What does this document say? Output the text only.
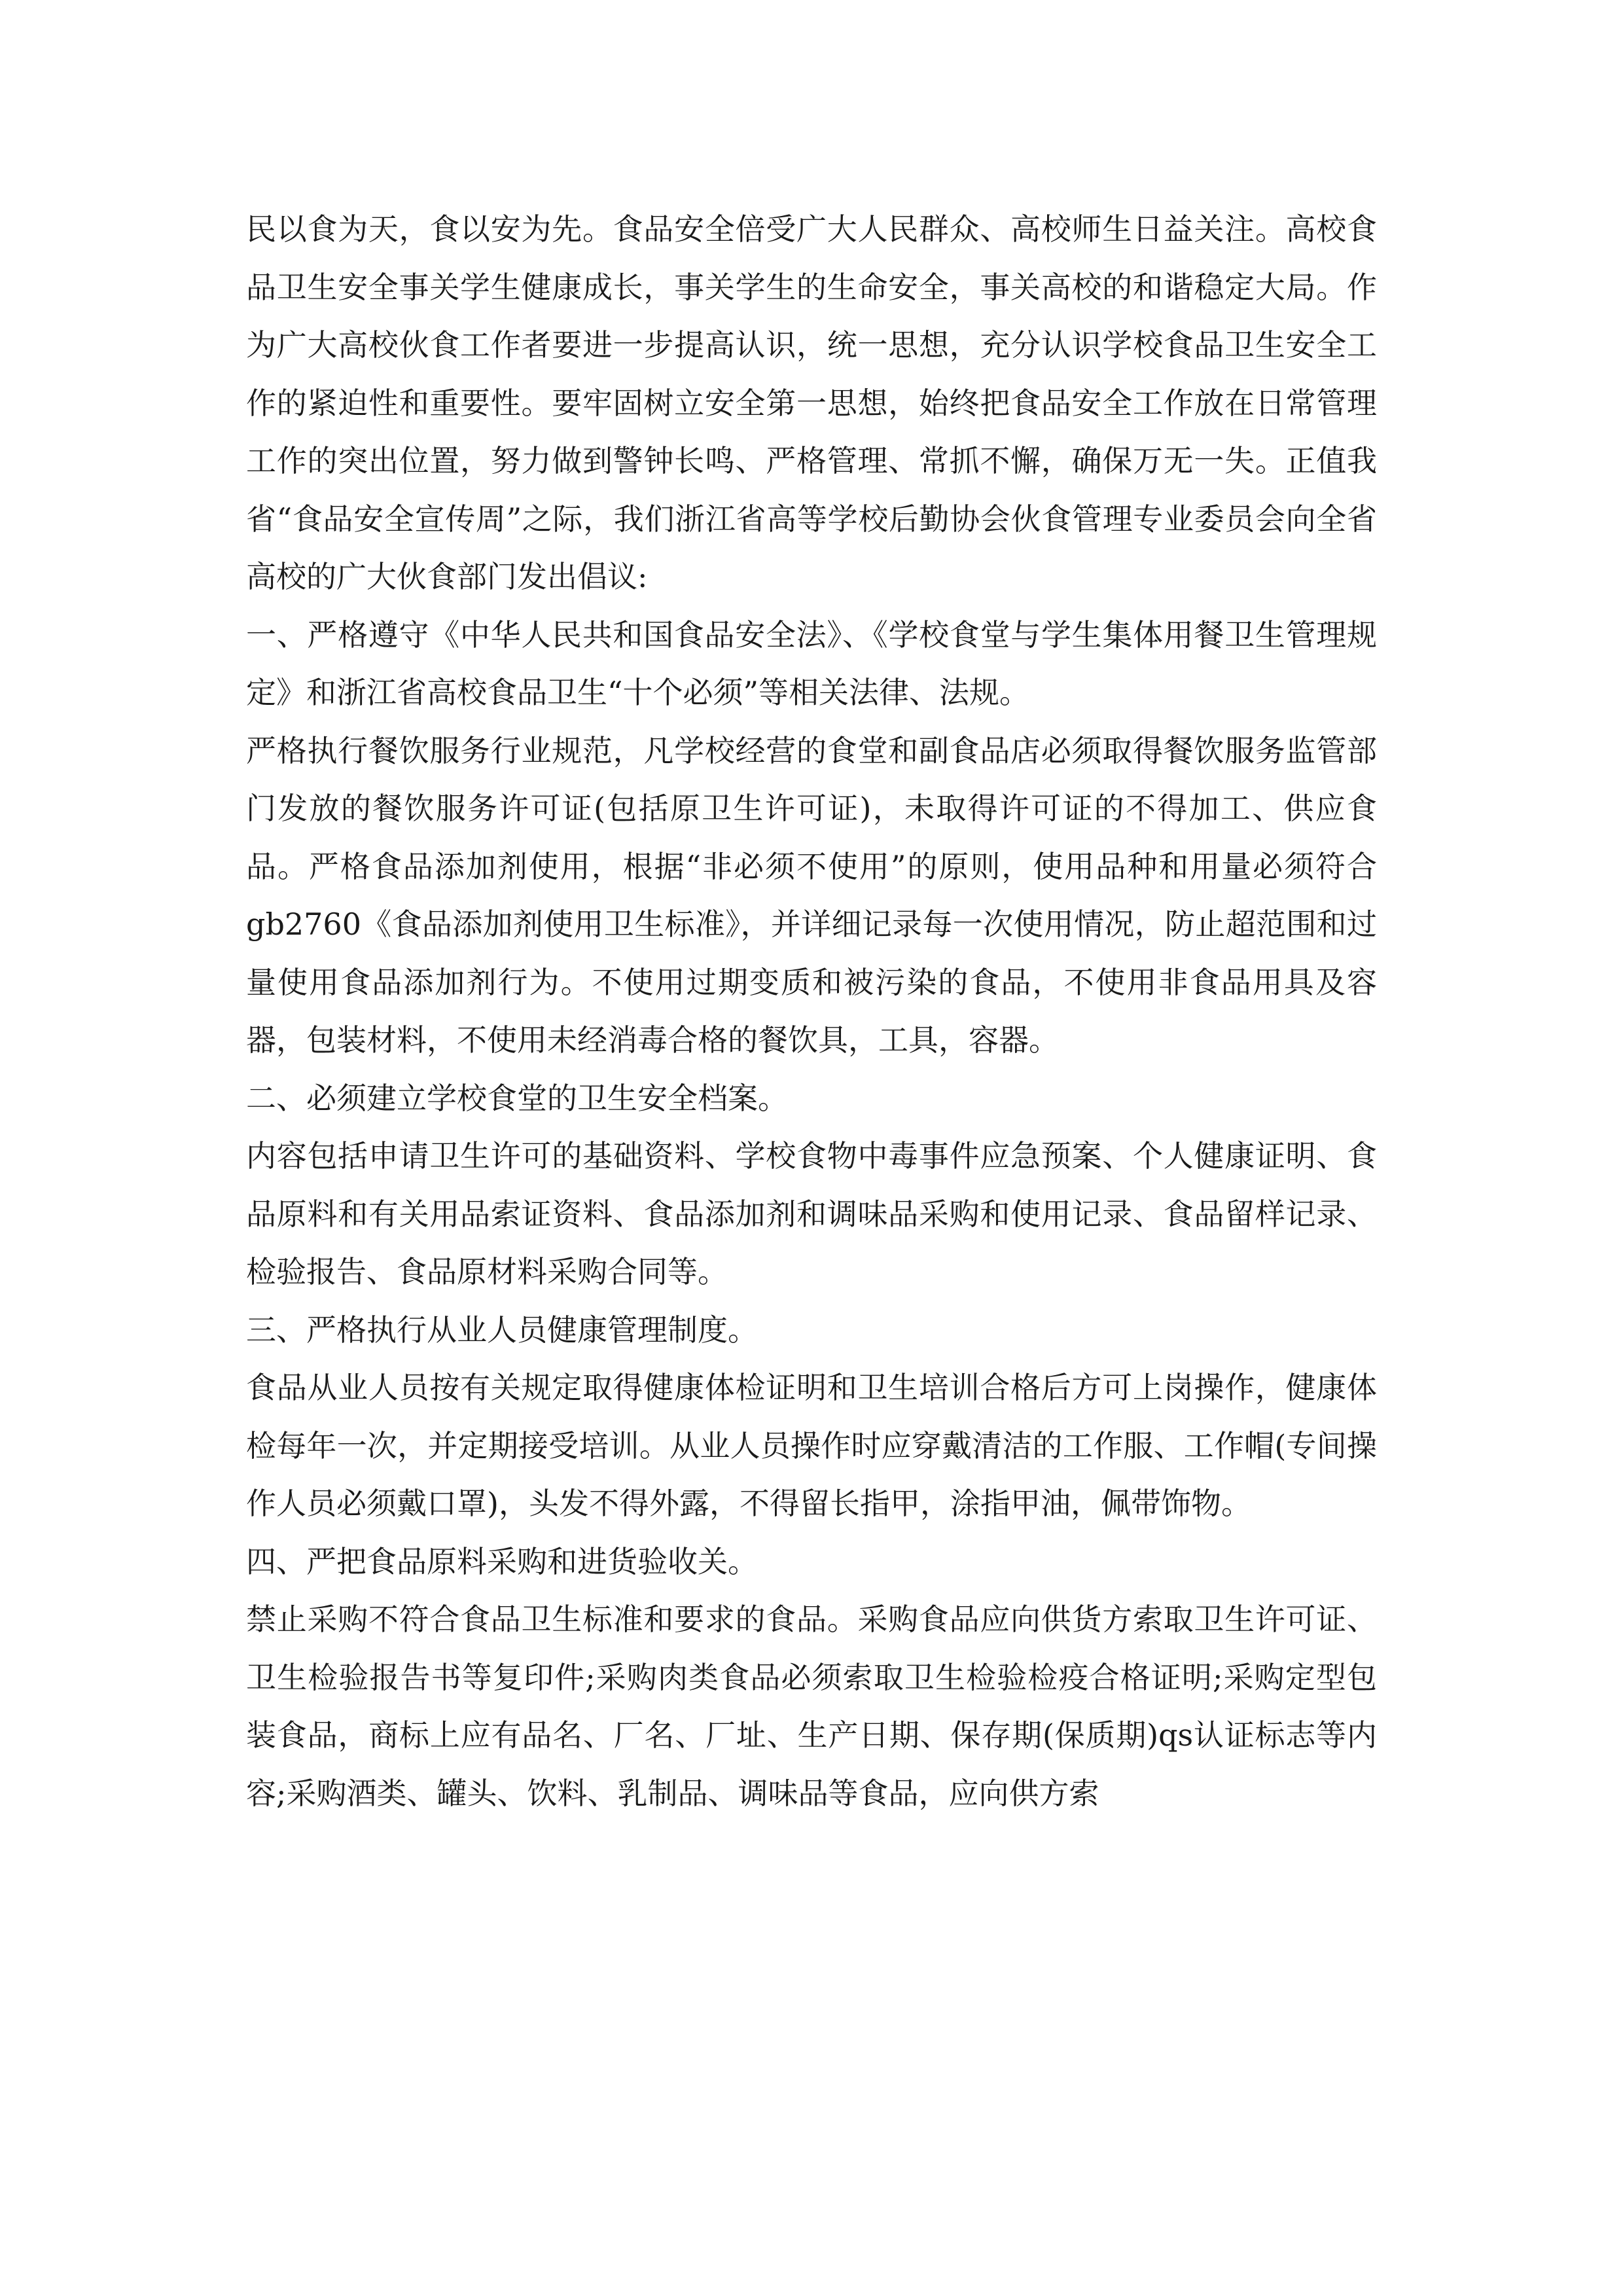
民以食为天，食以安为先。食品安全倍受广大人民群众、高校师生日益关注。高校食品卫生安全事关学生健康成长，事关学生的生命安全，事关高校的和谐稳定大局。作为广大高校伙食工作者要进一步提高认识，统一思想，充分认识学校食品卫生安全工作的紧迫性和重要性。要牢固树立安全第一思想，始终把食品安全工作放在日常管理工作的突出位置，努力做到警钟长鸣、严格管理、常抓不懈，确保万无一失。正值我省“食品安全宣传周”之际，我们浙江省高等学校后勤协会伙食管理专业委员会向全省高校的广大伙食部门发出倡议:

一、严格遵守《中华人民共和国食品安全法》、《学校食堂与学生集体用餐卫生管理规定》和浙江省高校食品卫生“十个必须”等相关法律、法规。

严格执行餐饮服务行业规范，凡学校经营的食堂和副食品店必须取得餐饮服务监管部门发放的餐饮服务许可证(包括原卫生许可证)，未取得许可证的不得加工、供应食品。严格食品添加剂使用，根据“非必须不使用”的原则，使用品种和用量必须符合 gb2760《食品添加剂使用卫生标准》，并详细记录每一次使用情况，防止超范围和过量使用食品添加剂行为。不使用过期变质和被污染的食品，不使用非食品用具及容器，包装材料，不使用未经消毒合格的餐饮具，工具，容器。

二、必须建立学校食堂的卫生安全档案。

内容包括申请卫生许可的基础资料、学校食物中毒事件应急预案、个人健康证明、食品原料和有关用品索证资料、食品添加剂和调味品采购和使用记录、食品留样记录、检验报告、食品原材料采购合同等。

三、严格执行从业人员健康管理制度。

食品从业人员按有关规定取得健康体检证明和卫生培训合格后方可上岗操作，健康体检每年一次，并定期接受培训。从业人员操作时应穿戴清洁的工作服、工作帽(专间操作人员必须戴口罩)，头发不得外露，不得留长指甲，涂指甲油，佩带饰物。

四、严把食品原料采购和进货验收关。

禁止采购不符合食品卫生标准和要求的食品。采购食品应向供货方索取卫生许可证、卫生检验报告书等复印件;采购肉类食品必须索取卫生检验检疫合格证明;采购定型包装食品，商标上应有品名、厂名、厂址、生产日期、保存期(保质期)qs认证标志等内容;采购酒类、罐头、饮料、乳制品、调味品等食品，应向供方索
